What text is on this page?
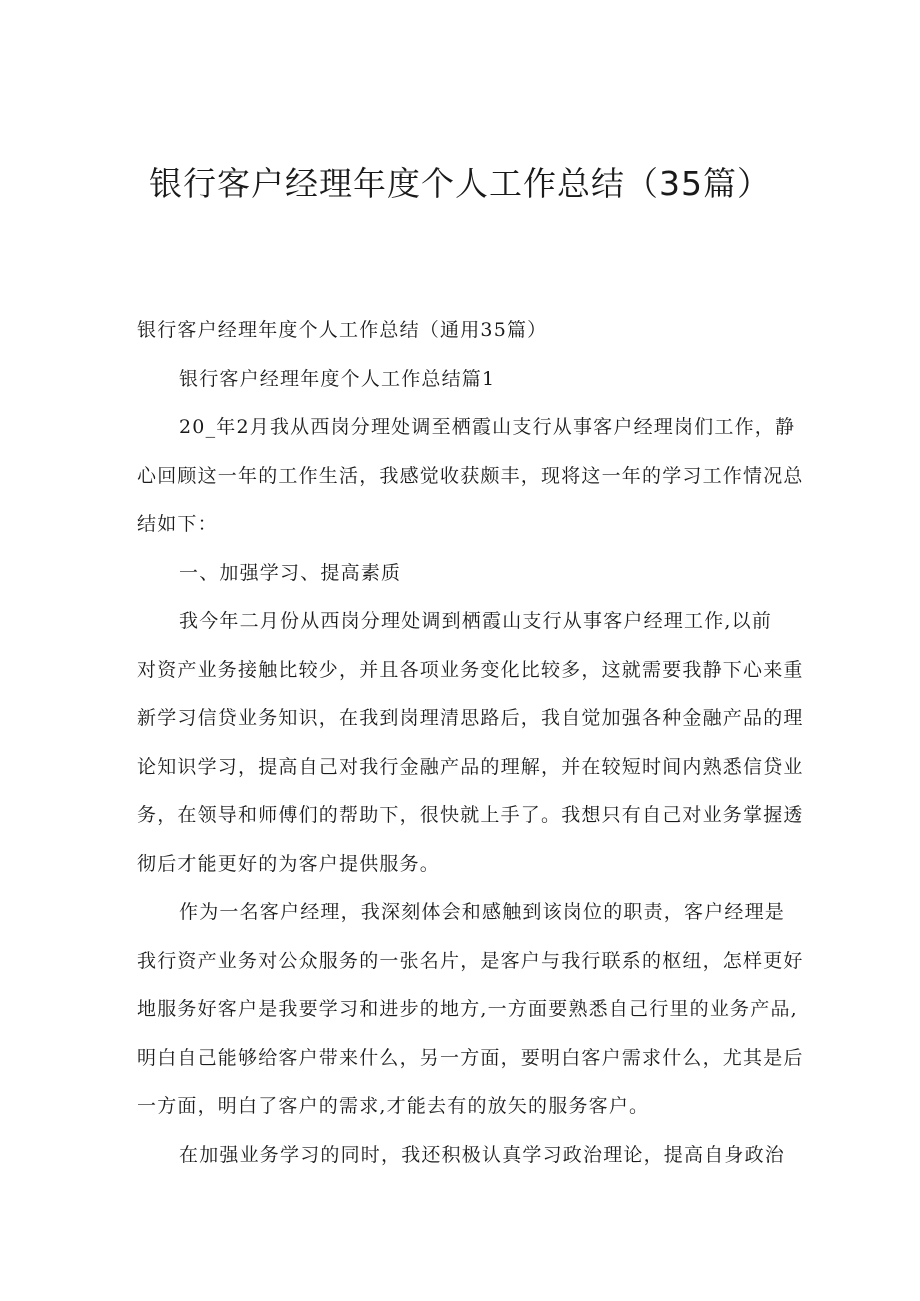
银行客户经理年度个人工作总结（35篇）
银行客户经理年度个人工作总结（通用35篇）
银行客户经理年度个人工作总结篇1
20_年2月我从西岗分理处调至栖霞山支行从事客户经理岗们工作，静
心回顾这一年的工作生活，我感觉收获颇丰，现将这一年的学习工作情况总
结如下：
一、加强学习、提高素质
我今年二月份从西岗分理处调到栖霞山支行从事客户经理工作,以前
对资产业务接触比较少，并且各项业务变化比较多，这就需要我静下心来重
新学习信贷业务知识，在我到岗理清思路后，我自觉加强各种金融产品的理
论知识学习，提高自己对我行金融产品的理解，并在较短时间内熟悉信贷业
务，在领导和师傅们的帮助下，很快就上手了。我想只有自己对业务掌握透
彻后才能更好的为客户提供服务。
作为一名客户经理，我深刻体会和感触到该岗位的职责，客户经理是
我行资产业务对公众服务的一张名片，是客户与我行联系的枢纽，怎样更好
地服务好客户是我要学习和进步的地方,一方面要熟悉自己行里的业务产品,
明白自己能够给客户带来什么，另一方面，要明白客户需求什么，尤其是后
一方面，明白了客户的需求,才能去有的放矢的服务客户。
在加强业务学习的同时，我还积极认真学习政治理论，提高自身政治
